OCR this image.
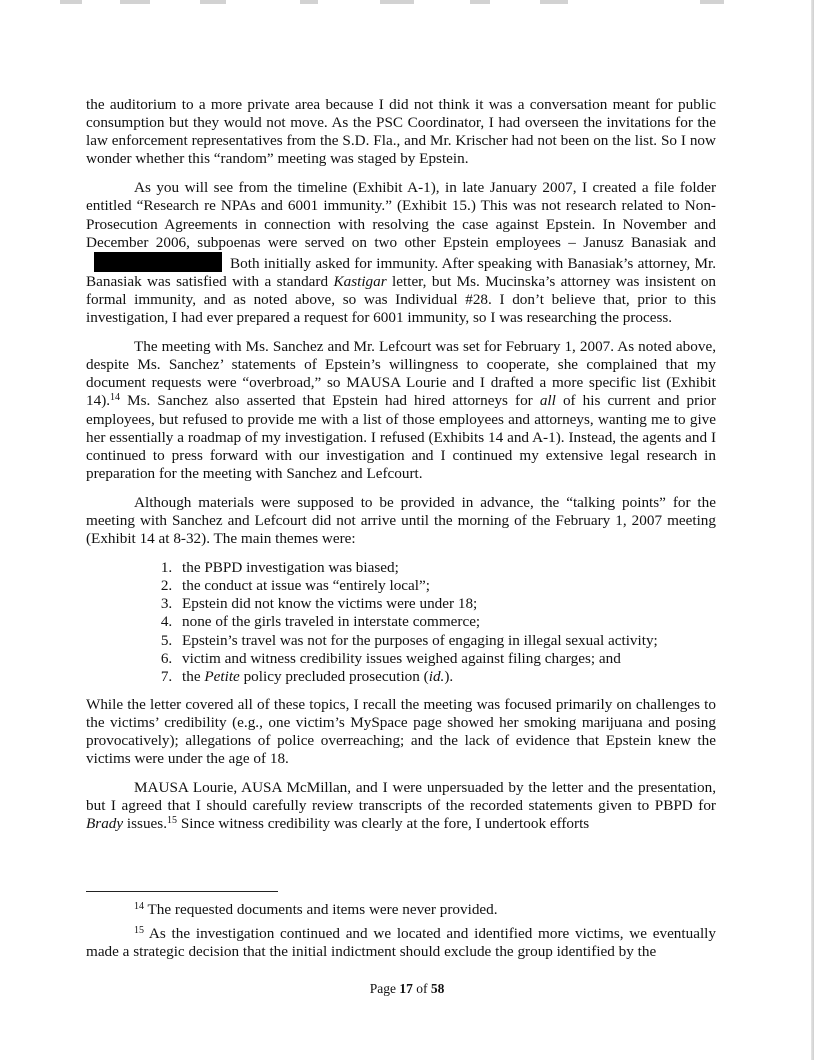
the auditorium to a more private area because I did not think it was a conversation meant for public consumption but they would not move. As the PSC Coordinator, I had overseen the invitations for the law enforcement representatives from the S.D. Fla., and Mr. Krischer had not been on the list. So I now wonder whether this “random” meeting was staged by Epstein.

As you will see from the timeline (Exhibit A-1), in late January 2007, I created a file folder entitled “Research re NPAs and 6001 immunity.” (Exhibit 15.) This was not research related to Non-Prosecution Agreements in connection with resolving the case against Epstein. In November and December 2006, subpoenas were served on two other Epstein employees – Janusz Banasiak andBoth initially asked for immunity. After speaking with Banasiak’s attorney, Mr. Banasiak was satisfied with a standard Kastigar letter, but Ms. Mucinska’s attorney was insistent on formal immunity, and as noted above, so was Individual #28. I don’t believe that, prior to this investigation, I had ever prepared a request for 6001 immunity, so I was researching the process.

The meeting with Ms. Sanchez and Mr. Lefcourt was set for February 1, 2007. As noted above, despite Ms. Sanchez’ statements of Epstein’s willingness to cooperate, she complained that my document requests were “overbroad,” so MAUSA Lourie and I drafted a more specific list (Exhibit 14).$^{14}$ Ms. Sanchez also asserted that Epstein had hired attorneys for all of his current and prior employees, but refused to provide me with a list of those employees and attorneys, wanting me to give her essentially a roadmap of my investigation. I refused (Exhibits 14 and A-1). Instead, the agents and I continued to press forward with our investigation and I continued my extensive legal research in preparation for the meeting with Sanchez and Lefcourt.

Although materials were supposed to be provided in advance, the “talking points” for the meeting with Sanchez and Lefcourt did not arrive until the morning of the February 1, 2007 meeting (Exhibit 14 at 8-32). The main themes were:

1. the PBPD investigation was biased;
2. the conduct at issue was “entirely local”;
3. Epstein did not know the victims were under 18;
4. none of the girls traveled in interstate commerce;
5. Epstein’s travel was not for the purposes of engaging in illegal sexual activity;
6. victim and witness credibility issues weighed against filing charges; and
7. the Petite policy precluded prosecution (id.).

While the letter covered all of these topics, I recall the meeting was focused primarily on challenges to the victims’ credibility (e.g., one victim’s MySpace page showed her smoking marijuana and posing provocatively); allegations of police overreaching; and the lack of evidence that Epstein knew the victims were under the age of 18.

MAUSA Lourie, AUSA McMillan, and I were unpersuaded by the letter and the presentation, but I agreed that I should carefully review transcripts of the recorded statements given to PBPD for Brady issues.$^{15}$ Since witness credibility was clearly at the fore, I undertook efforts

$^{14}$ The requested documents and items were never provided.

$^{15}$ As the investigation continued and we located and identified more victims, we eventually made a strategic decision that the initial indictment should exclude the group identified by the

Page 17 of 58
